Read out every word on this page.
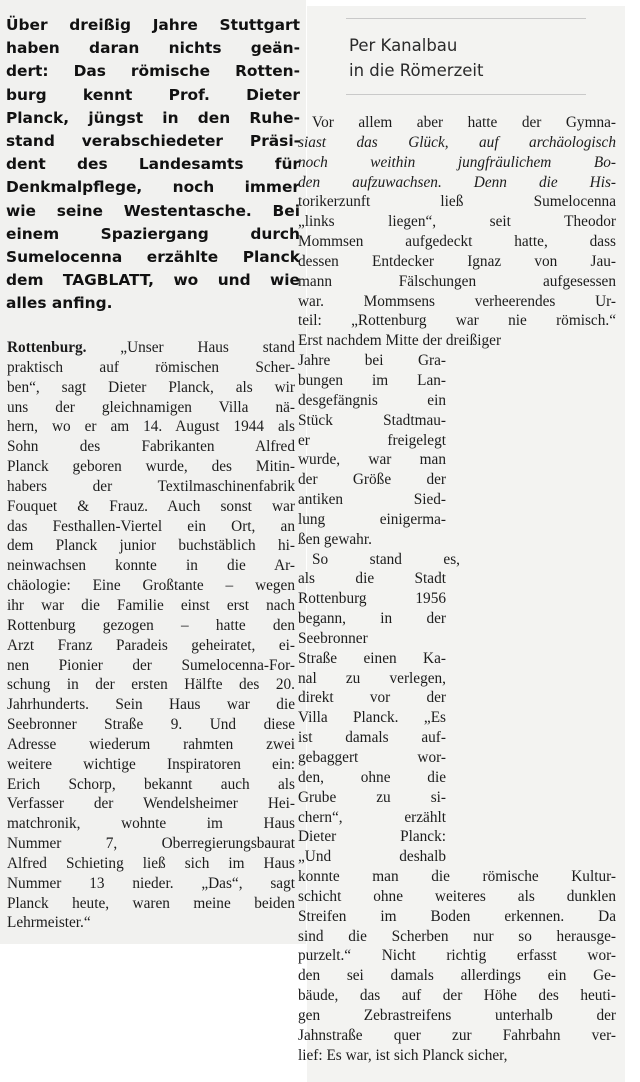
Über dreißig Jahre Stuttgart
haben daran nichts geän-
dert: Das römische Rotten-
burg kennt Prof. Dieter
Planck, jüngst in den Ruhe-
stand verabschiedeter Präsi-
dent des Landesamts für
Denkmalpflege, noch immer
wie seine Westentasche. Bei
einem Spaziergang durch
Sumelocenna erzählte Planck
dem TAGBLATT, wo und wie
alles anfing.
Rottenburg. „Unser Haus stand
praktisch auf römischen Scher-
ben“, sagt Dieter Planck, als wir
uns der gleichnamigen Villa nä-
hern, wo er am 14. August 1944 als
Sohn des Fabrikanten Alfred
Planck geboren wurde, des Mitin-
habers der Textilmaschinenfabrik
Fouquet & Frauz. Auch sonst war
das Festhallen-Viertel ein Ort, an
dem Planck junior buchstäblich hi-
neinwachsen konnte in die Ar-
chäologie: Eine Großtante – wegen
ihr war die Familie einst erst nach
Rottenburg gezogen – hatte den
Arzt Franz Paradeis geheiratet, ei-
nen Pionier der Sumelocenna-For-
schung in der ersten Hälfte des 20.
Jahrhunderts. Sein Haus war die
Seebronner Straße 9. Und diese
Adresse wiederum rahmten zwei
weitere wichtige Inspiratoren ein:
Erich Schorp, bekannt auch als
Verfasser der Wendelsheimer Hei-
matchronik, wohnte im Haus
Nummer 7, Oberregierungsbaurat
Alfred Schieting ließ sich im Haus
Nummer 13 nieder. „Das“, sagt
Planck heute, waren meine beiden
Lehrmeister.“
Per Kanalbau
in die Römerzeit
Vor allem aber hatte der Gymna-
siast das Glück, auf archäologisch
noch weithin jungfräulichem Bo-
den aufzuwachsen. Denn die His-
torikerzunft ließ Sumelocenna
„links liegen“, seit Theodor
Mommsen aufgedeckt hatte, dass
dessen Entdecker Ignaz von Jau-
mann Fälschungen aufgesessen
war. Mommsens verheerendes Ur-
teil: „Rottenburg war nie römisch.“
Erst nachdem Mitte der dreißiger
Jahre bei Gra-
bungen im Lan-
desgefängnis ein
Stück Stadtmau-
er freigelegt
wurde, war man
der Größe der
antiken Sied-
lung einigerma-
ßen gewahr.
So stand es,
als die Stadt
Rottenburg 1956
begann, in der
Seebronner
Straße einen Ka-
nal zu verlegen,
direkt vor der
Villa Planck. „Es
ist damals auf-
gebaggert wor-
den, ohne die
Grube zu si-
chern“, erzählt
Dieter Planck:
„Und deshalb
konnte man die römische Kultur-
schicht ohne weiteres als dunklen
Streifen im Boden erkennen. Da
sind die Scherben nur so herausge-
purzelt.“ Nicht richtig erfasst wor-
den sei damals allerdings ein Ge-
bäude, das auf der Höhe des heuti-
gen Zebrastreifens unterhalb der
Jahnstraße quer zur Fahrbahn ver-
lief: Es war, ist sich Planck sicher,
